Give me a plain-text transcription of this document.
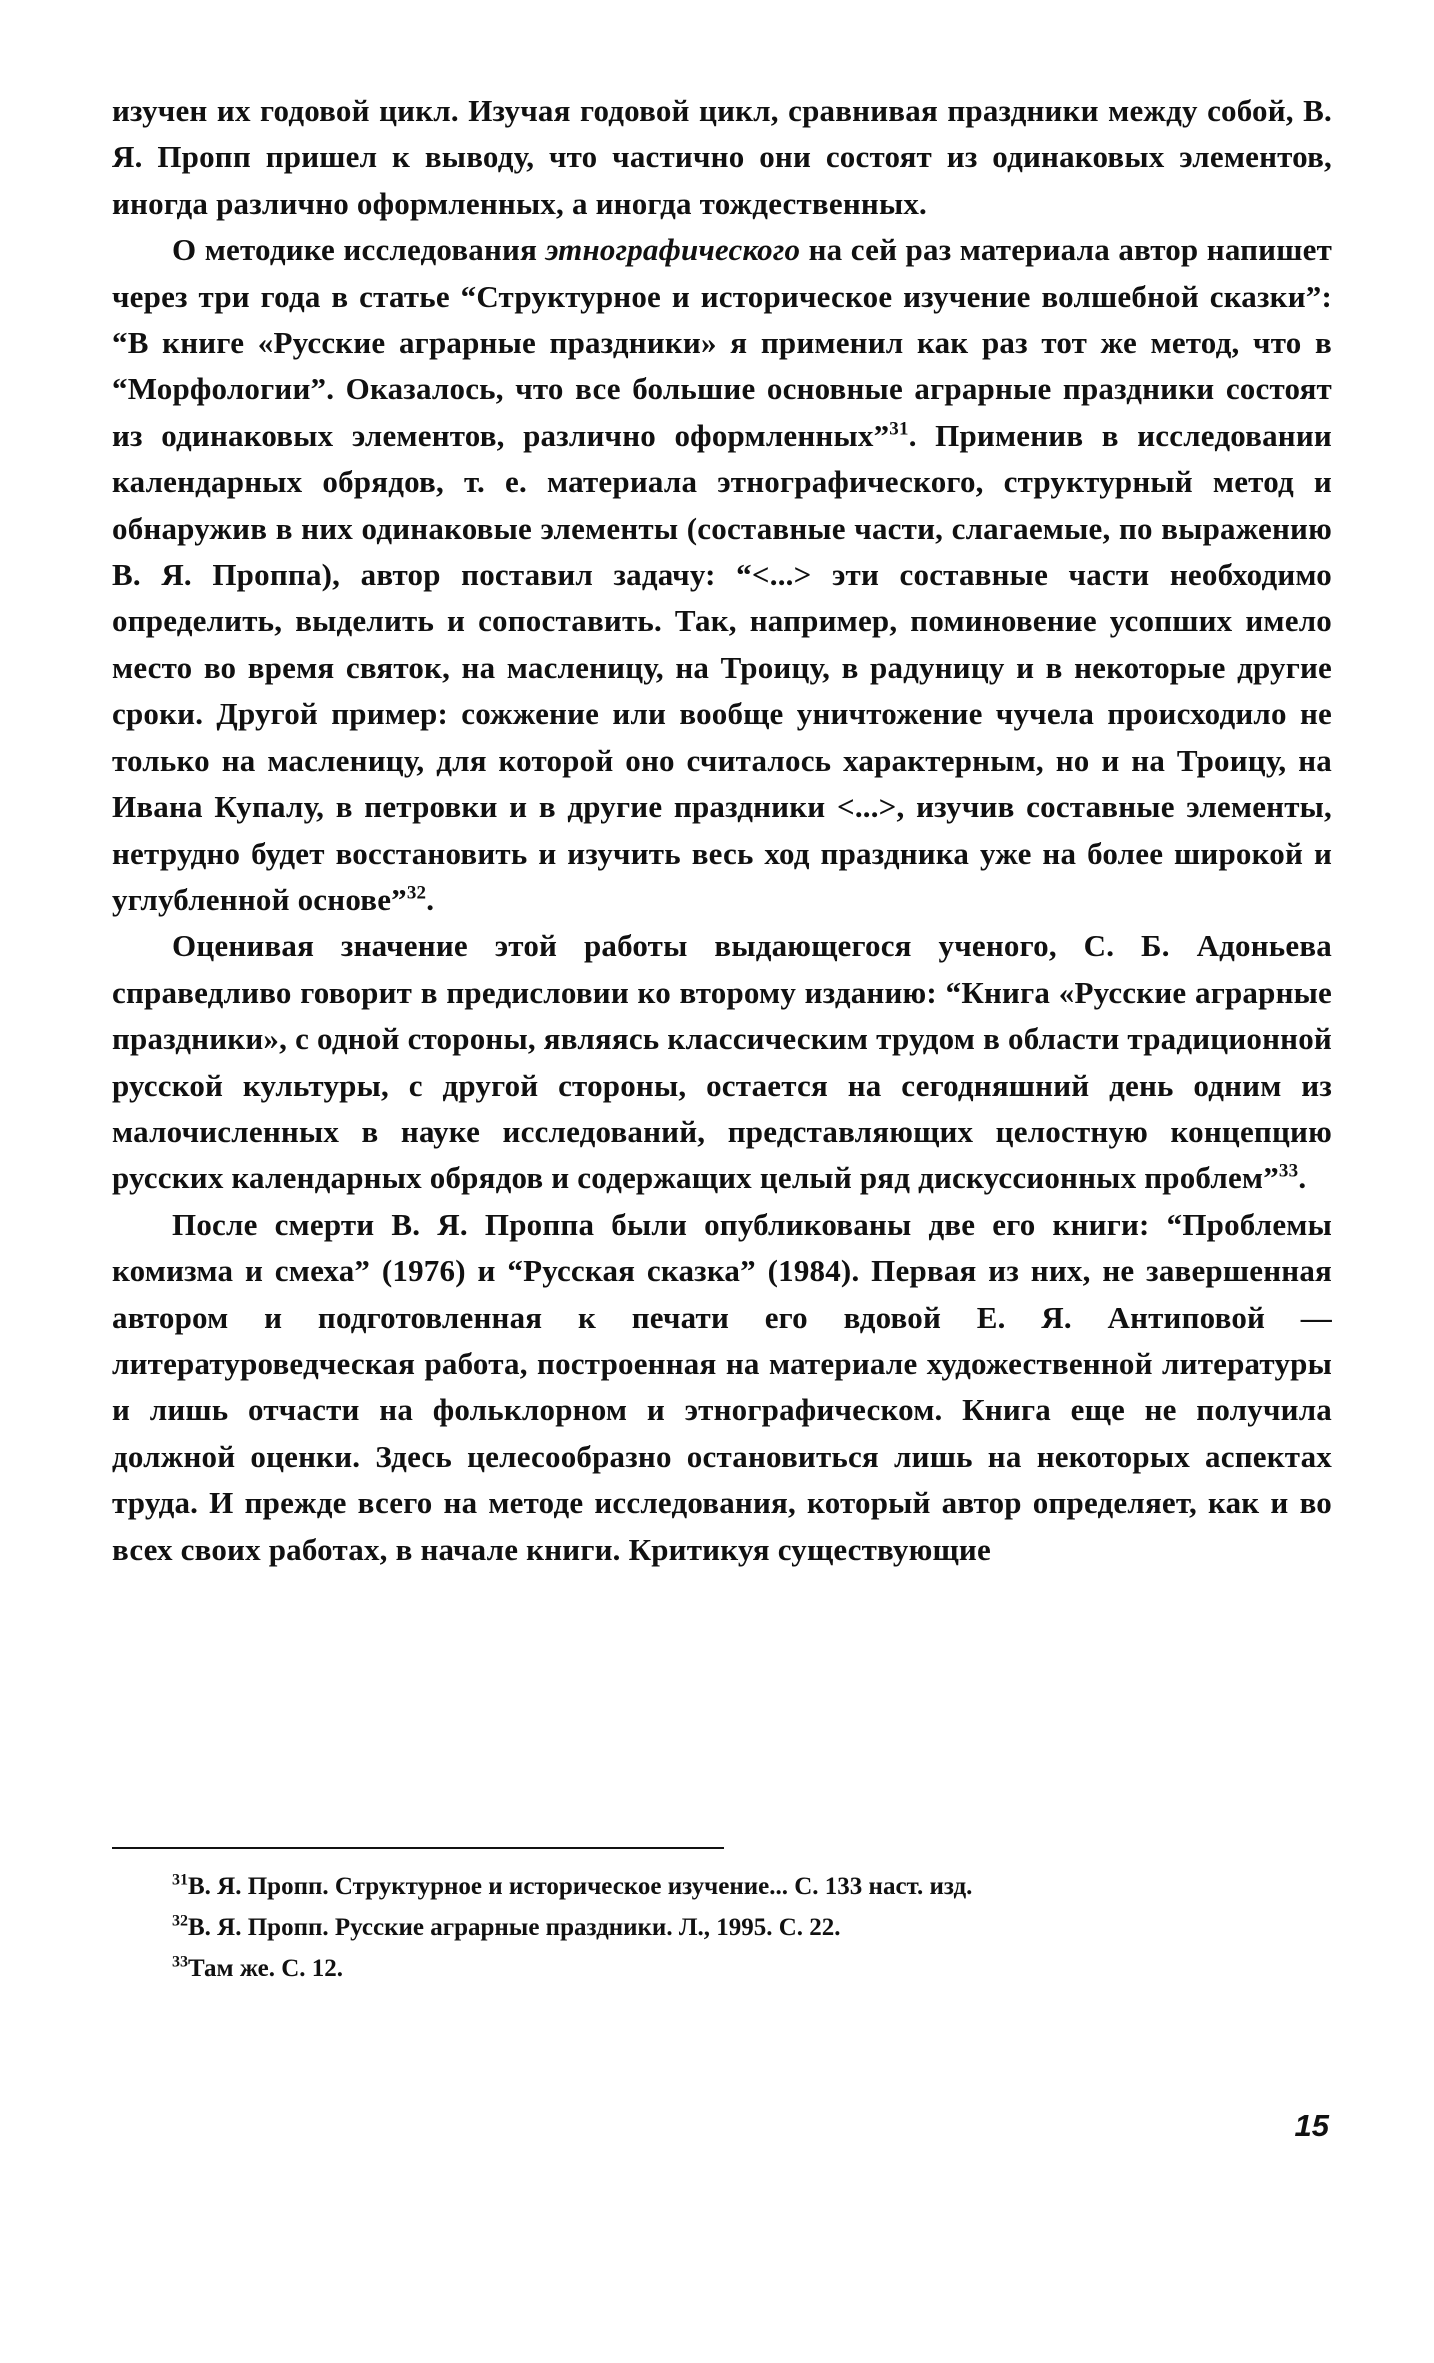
изучен их годовой цикл. Изучая годовой цикл, сравнивая праздники между собой, В. Я. Пропп пришел к выводу, что частично они состоят из одинаковых элементов, иногда различно оформленных, а иногда тождественных.

О методике исследования этнографического на сей раз материала автор напишет через три года в статье “Структурное и историческое изучение волшебной сказки”: “В книге «Русские аграрные праздники» я применил как раз тот же метод, что в “Морфологии”. Оказалось, что все большие основные аграрные праздники состоят из одинаковых элементов, различно оформленных”$^{31}$. Применив в исследовании календарных обрядов, т. е. материала этнографического, структурный метод и обнаружив в них одинаковые элементы (составные части, слагаемые, по выражению В. Я. Проппа), автор поставил задачу: “<...> эти составные части необходимо определить, выделить и сопоставить. Так, например, поминовение усопших имело место во время святок, на масленицу, на Троицу, в радуницу и в некоторые другие сроки. Другой пример: сожжение или вообще уничтожение чучела происходило не только на масленицу, для которой оно считалось характерным, но и на Троицу, на Ивана Купалу, в петровки и в другие праздники <...>, изучив составные элементы, нетрудно будет восстановить и изучить весь ход праздника уже на более широкой и углубленной основе”$^{32}$.

Оценивая значение этой работы выдающегося ученого, С. Б. Адоньева справедливо говорит в предисловии ко второму изданию: “Книга «Русские аграрные праздники», с одной стороны, являясь классическим трудом в области традиционной русской культуры, с другой стороны, остается на сегодняшний день одним из малочисленных в науке исследований, представляющих целостную концепцию русских календарных обрядов и содержащих целый ряд дискуссионных проблем”$^{33}$.

После смерти В. Я. Проппа были опубликованы две его книги: “Проблемы комизма и смеха” (1976) и “Русская сказка” (1984). Первая из них, не завершенная автором и подготовленная к печати его вдовой Е. Я. Антиповой — литературоведческая работа, построенная на материале художественной литературы и лишь отчасти на фольклорном и этнографическом. Книга еще не получила должной оценки. Здесь целесообразно остановиться лишь на некоторых аспектах труда. И прежде всего на методе исследования, который автор определяет, как и во всех своих работах, в начале книги. Критикуя существующие

$^{31}$В. Я. Пропп. Структурное и историческое изучение... С. 133 наст. изд.

$^{32}$В. Я. Пропп. Русские аграрные праздники. Л., 1995. С. 22.

$^{33}$Там же. С. 12.

15
